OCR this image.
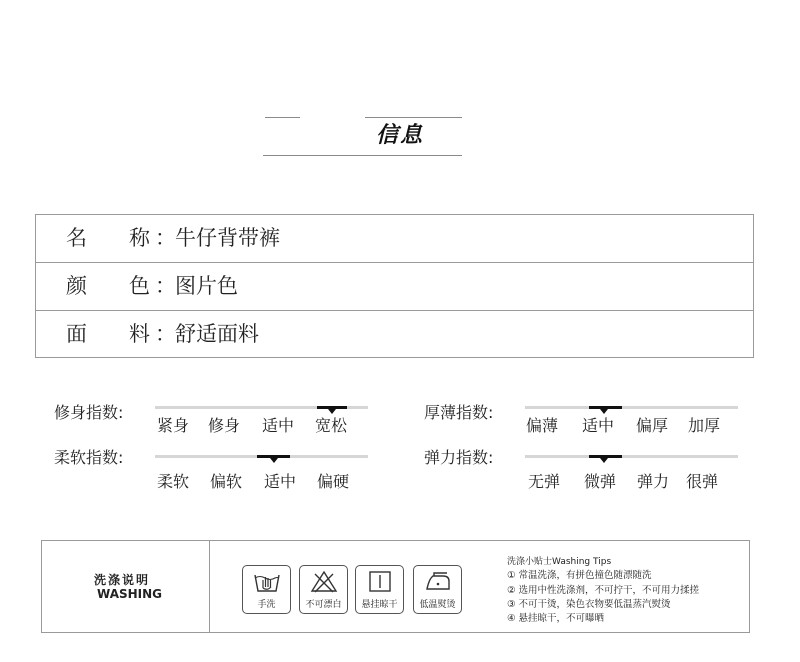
信息
名 称 ： 牛仔背带裤
颜 色 ： 图片色
面 料 ： 舒适面料
修身指数:
紧身 修身 适中 宽松
柔软指数:
柔软 偏软 适中 偏硬
厚薄指数:
偏薄 适中 偏厚 加厚
弹力指数:
无弹 微弹 弹力 很弹
洗涤说明
WASHING
手洗	不可漂白	悬挂晾干	低温熨烫
洗涤小贴士Washing Tips
① 常温洗涤，有拼色撞色随漂随洗
② 选用中性洗涤剂，不可拧干，不可用力揉搓
③ 不可干烫，染色衣物要低温蒸汽熨烫
④ 悬挂晾干，不可曝晒
